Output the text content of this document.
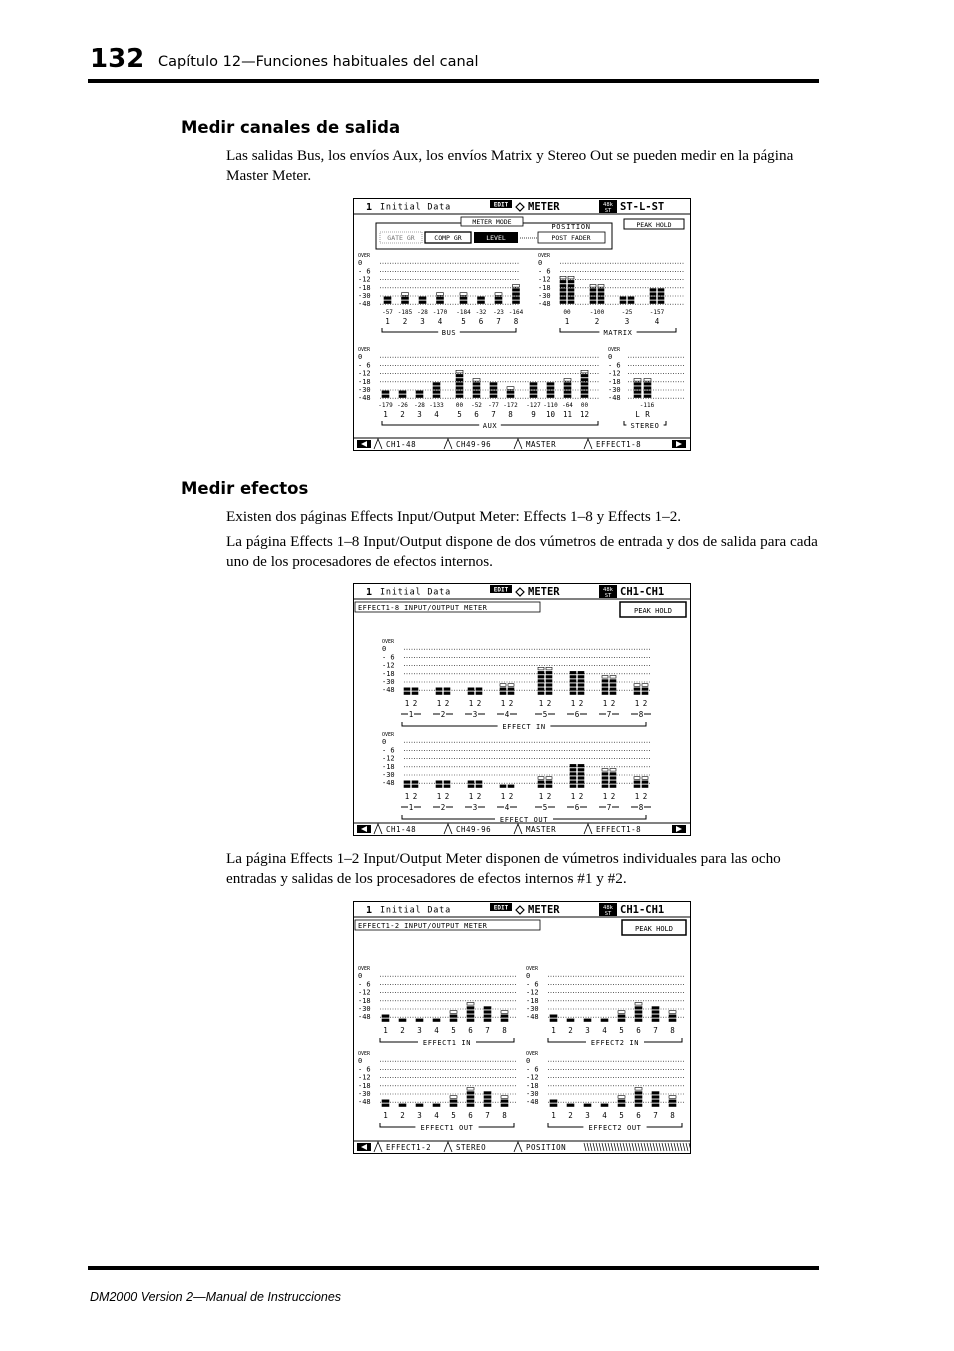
132 Capítulo 12—Funciones habituales del canal
Medir canales de salida

Las salidas Bus, los envíos Aux, los envíos Matrix y Stereo Out se pueden medir en la página Master Meter.

1 Initial Data	EDIT METER	48k
ST ST-L-ST
METER MODE
GATE GR	COMP GR	LEVEL
POSITION
POST FADER
PEAK HOLD
OVER
0
- 6
-12
-18
-30
-48
-57
1
-185
2
-28
3
-170
4
-184
5
-32
6
-23
7
-164
8
BUS
OVER
0
- 6
-12
-18
-30
-48
00
1
-100
2
-25
3
-157
4
MATRIX
OVER
0
- 6
-12
-18
-30
-48
-179
1
-26
2
-28
3
-133
4
00
5
-52
6
-77
7
-172
8
-127
9
-110
10
-64
11
00
12
AUX
OVER
0
- 6
-12
-18
-30
-48
L R
-116
STEREO
CH1-48	CH49-96	MASTER	EFFECT1-8
Medir efectos

Existen dos páginas Effects Input/Output Meter: Effects 1–8 y Effects 1–2.

La página Effects 1–8 Input/Output dispone de dos vúmetros de entrada y dos de salida para cada uno de los procesadores de efectos internos.

1 Initial Data	EDIT METER	48k
ST CH1-CH1
EFFECT1-8 INPUT/OUTPUT METER	PEAK HOLD
OVER
0
- 6
-12
-18
-30
-48
1 2	1 2	1 2	1 2	1 2	1 2	1 2	1 2
1	2	3	4	5	6	7	8
EFFECT IN
OVER
0
- 6
-12
-18
-30
-48
1 2	1 2	1 2	1 2	1 2	1 2	1 2	1 2
1	2	3	4	5	6	7	8
EFFECT OUT
CH1-48	CH49-96	MASTER	EFFECT1-8

La página Effects 1–2 Input/Output Meter disponen de vúmetros individuales para las ocho entradas y salidas de los procesadores de efectos internos #1 y #2.

1 Initial Data	EDIT METER	48k
ST CH1-CH1
EFFECT1-2 INPUT/OUTPUT METER	PEAK HOLD
OVER
0
- 6
-12
-18
-30
-48
1 2 3 4 5 6 7 8
EFFECT1 IN
OVER
0
- 6
-12
-18
-30
-48
1 2 3 4 5 6 7 8
EFFECT2 IN
OVER
0
- 6
-12
-18
-30
-48
1 2 3 4 5 6 7 8
EFFECT1 OUT
OVER
0
- 6
-12
-18
-30
-48
1 2 3 4 5 6 7 8
EFFECT2 OUT
EFFECT1-2	STEREO	POSITION
DM2000 Version 2—Manual de Instrucciones
